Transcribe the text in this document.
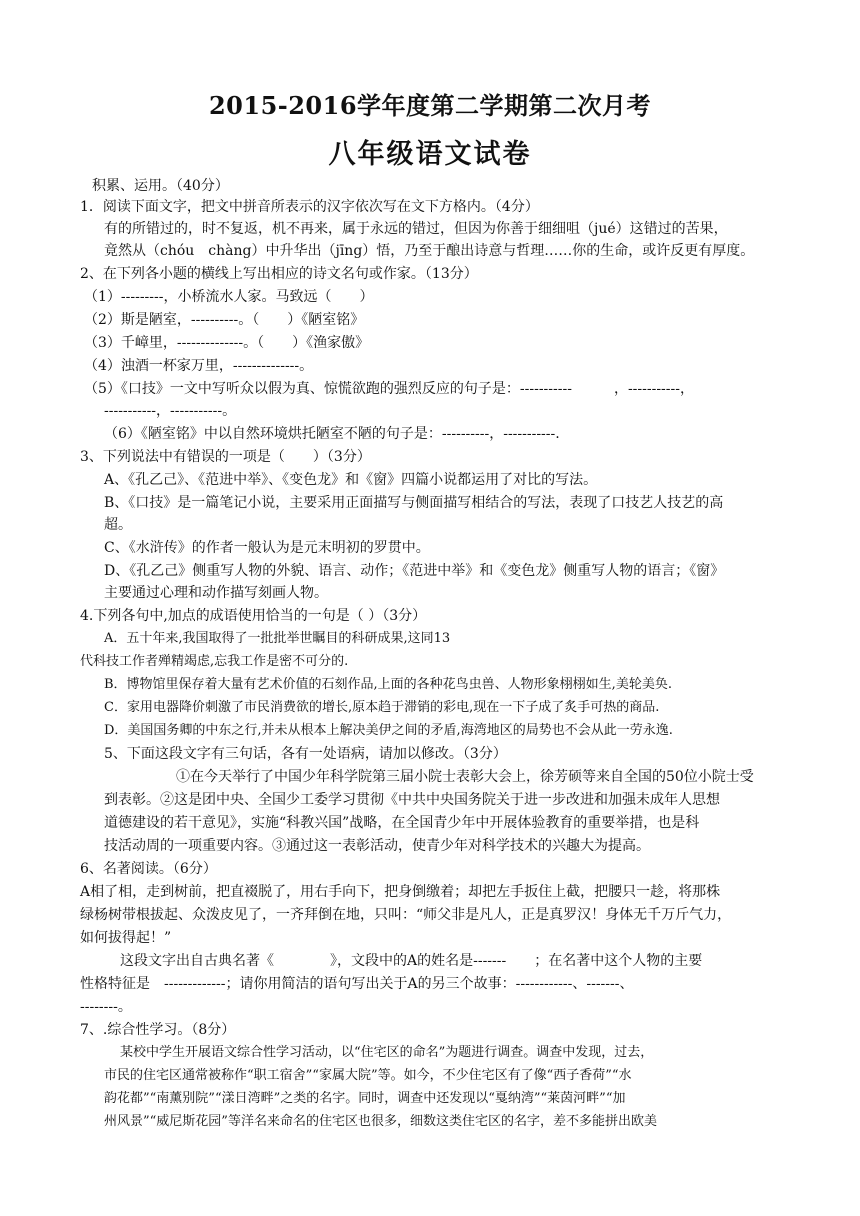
2015-2016学年度第二学期第二次月考
八年级语文试卷
积累、运用。（40分）
1．阅读下面文字，把文中拼音所表示的汉字依次写在文下方格内。（4分）
有的所错过的，时不复返，机不再来，属于永远的错过，但因为你善于细细咀（jué）这错过的苦果，
竟然从（chóu　chàng）中升华出（jīng）悟，乃至于酿出诗意与哲理……你的生命，或许反更有厚度。
2、在下列各小题的横线上写出相应的诗文名句或作家。（13分）
（1）---------，小桥流水人家。马致远（　　）
（2）斯是陋室，----------。（　　）《陋室铭》
（3）千嶂里，--------------。（　　）《渔家傲》
（4）浊酒一杯家万里，--------------。
（5）《口技》一文中写听众以假为真、惊慌欲跑的强烈反应的句子是：-----------　　　，-----------，
-----------，-----------。
（6）《陋室铭》中以自然环境烘托陋室不陋的句子是：----------，-----------.
3、下列说法中有错误的一项是（　　）（3分）
A、《孔乙己》、《范进中举》、《变色龙》和《窗》四篇小说都运用了对比的写法。
B、《口技》是一篇笔记小说，主要采用正面描写与侧面描写相结合的写法，表现了口技艺人技艺的高
超。
C、《水浒传》的作者一般认为是元末明初的罗贯中。
D、《孔乙己》侧重写人物的外貌、语言、动作；《范进中举》和《变色龙》侧重写人物的语言；《窗》
主要通过心理和动作描写刻画人物。
4.下列各句中,加点的成语使用恰当的一句是（ ）（3分）
A．五十年来,我国取得了一批批举世瞩目的科研成果,这同13
代科技工作者殚精竭虑,忘我工作是密不可分的.
B．博物馆里保存着大量有艺术价值的石刻作品,上面的各种花鸟虫兽、人物形象栩栩如生,美轮美奂.
C．家用电器降价刺激了市民消费欲的增长,原本趋于滞销的彩电,现在一下子成了炙手可热的商品.
D．美国国务卿的中东之行,并未从根本上解决美伊之间的矛盾,海湾地区的局势也不会从此一劳永逸.
5、下面这段文字有三句话，各有一处语病，请加以修改。（3分）
①在今天举行了中国少年科学院第三届小院士表彰大会上，徐芳硕等来自全国的50位小院士受
到表彰。②这是团中央、全国少工委学习贯彻《中共中央国务院关于进一步改进和加强未成年人思想
道德建设的若干意见》，实施“科教兴国”战略，在全国青少年中开展体验教育的重要举措，也是科
技活动周的一项重要内容。③通过这一表彰活动，使青少年对科学技术的兴趣大为提高。
6、名著阅读。（6分）
A相了相，走到树前，把直裰脱了，用右手向下，把身倒缴着；却把左手扳住上截，把腰只一趁，将那株
绿杨树带根拔起、众泼皮见了，一齐拜倒在地，只叫：“师父非是凡人，正是真罗汉！身体无千万斤气力，
如何拔得起！”
这段文字出自古典名著《　　　　》，文段中的A的姓名是-------　　；在名著中这个人物的主要
性格特征是　-------------；请你用简洁的语句写出关于A的另三个故事：------------、-------、
--------。
7、.综合性学习。（8分）
某校中学生开展语文综合性学习活动，以“住宅区的命名”为题进行调查。调查中发现，过去，
市民的住宅区通常被称作“职工宿舍”“家属大院”等。如今，不少住宅区有了像“西子香荷”“水
韵花都”“南薰别院”“漾日湾畔”之类的名字。同时，调查中还发现以“戛纳湾”“莱茵河畔”“加
州风景”“威尼斯花园”等洋名来命名的住宅区也很多，细数这类住宅区的名字，差不多能拼出欧美
